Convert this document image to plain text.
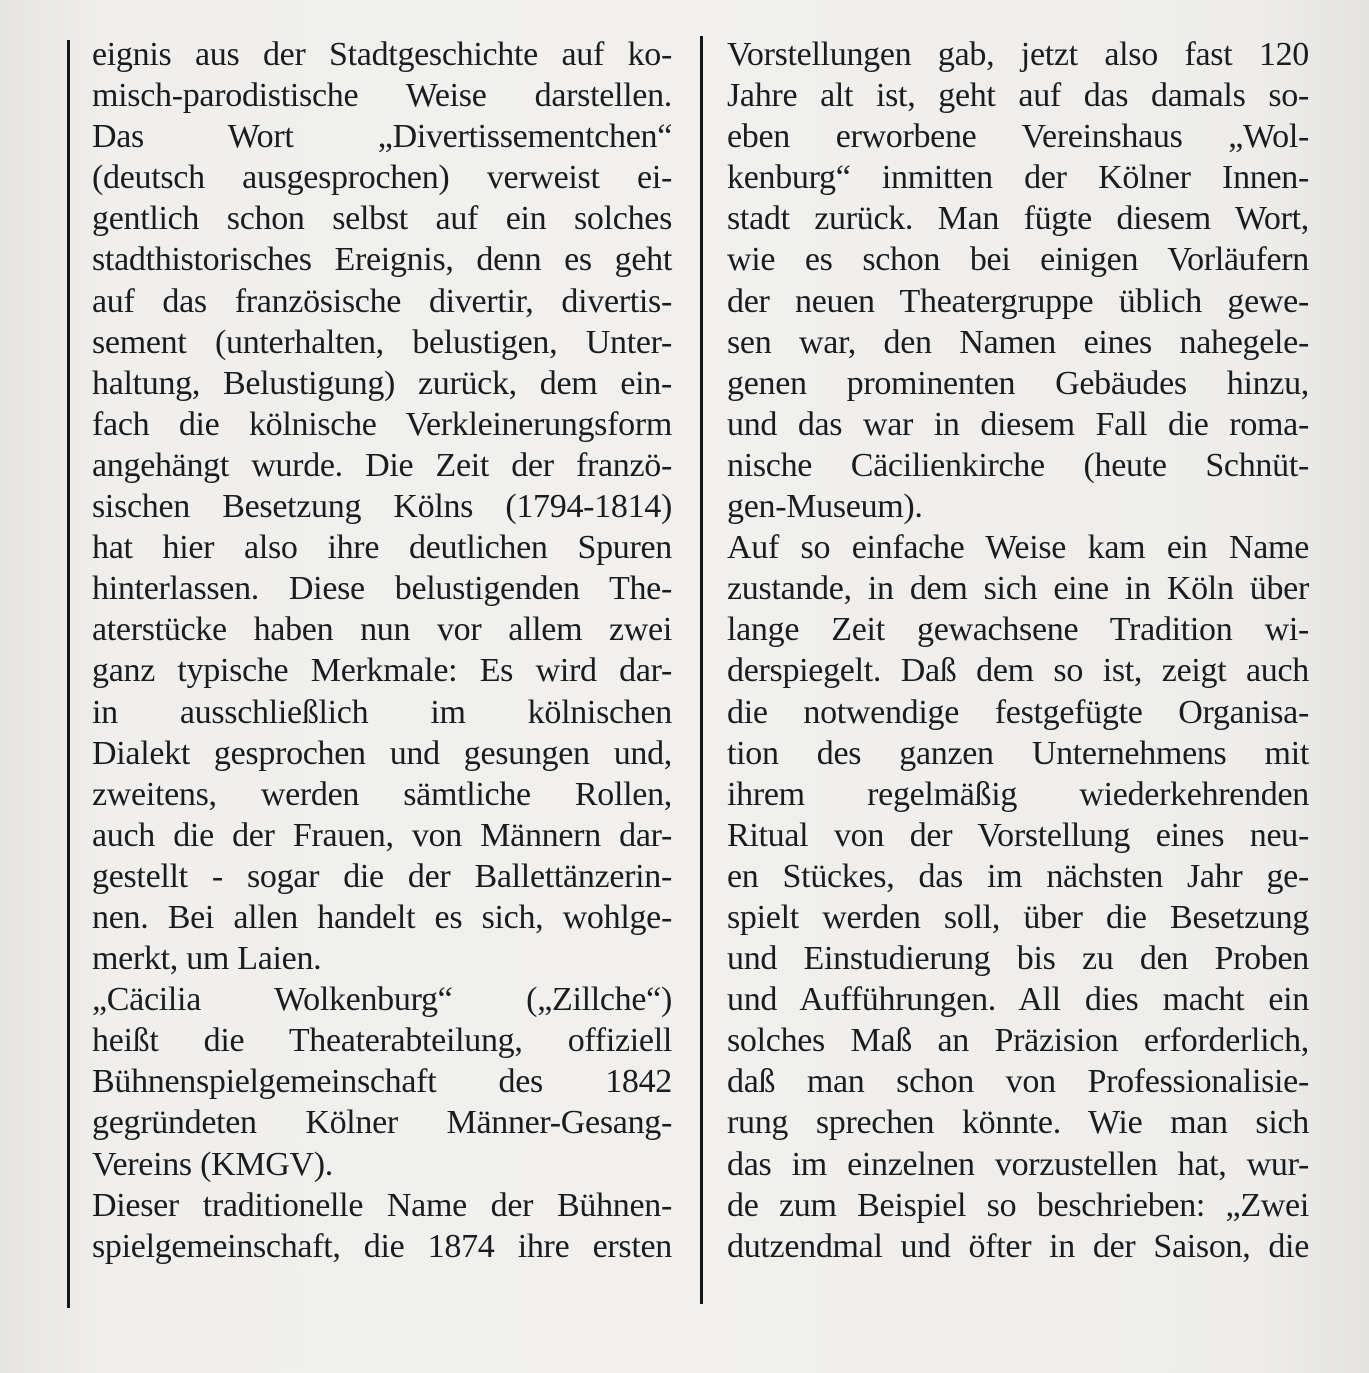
eignis aus der Stadtgeschichte auf ko-
misch-parodistische Weise darstellen.
Das Wort „Divertissementchen“
(deutsch ausgesprochen) verweist ei-
gentlich schon selbst auf ein solches
stadthistorisches Ereignis, denn es geht
auf das französische divertir, divertis-
sement (unterhalten, belustigen, Unter-
haltung, Belustigung) zurück, dem ein-
fach die kölnische Verkleinerungsform
angehängt wurde. Die Zeit der franzö-
sischen Besetzung Kölns (1794-1814)
hat hier also ihre deutlichen Spuren
hinterlassen. Diese belustigenden The-
aterstücke haben nun vor allem zwei
ganz typische Merkmale: Es wird dar-
in ausschließlich im kölnischen
Dialekt gesprochen und gesungen und,
zweitens, werden sämtliche Rollen,
auch die der Frauen, von Männern dar-
gestellt - sogar die der Ballettänzerin-
nen. Bei allen handelt es sich, wohlge-
merkt, um Laien.
„Cäcilia Wolkenburg“ („Zillche“)
heißt die Theaterabteilung, offiziell
Bühnenspielgemeinschaft des 1842
gegründeten Kölner Männer-Gesang-
Vereins (KMGV).
Dieser traditionelle Name der Bühnen-
spielgemeinschaft, die 1874 ihre ersten
Vorstellungen gab, jetzt also fast 120
Jahre alt ist, geht auf das damals so-
eben erworbene Vereinshaus „Wol-
kenburg“ inmitten der Kölner Innen-
stadt zurück. Man fügte diesem Wort,
wie es schon bei einigen Vorläufern
der neuen Theatergruppe üblich gewe-
sen war, den Namen eines nahegele-
genen prominenten Gebäudes hinzu,
und das war in diesem Fall die roma-
nische Cäcilienkirche (heute Schnüt-
gen-Museum).
Auf so einfache Weise kam ein Name
zustande, in dem sich eine in Köln über
lange Zeit gewachsene Tradition wi-
derspiegelt. Daß dem so ist, zeigt auch
die notwendige festgefügte Organisa-
tion des ganzen Unternehmens mit
ihrem regelmäßig wiederkehrenden
Ritual von der Vorstellung eines neu-
en Stückes, das im nächsten Jahr ge-
spielt werden soll, über die Besetzung
und Einstudierung bis zu den Proben
und Aufführungen. All dies macht ein
solches Maß an Präzision erforderlich,
daß man schon von Professionalisie-
rung sprechen könnte. Wie man sich
das im einzelnen vorzustellen hat, wur-
de zum Beispiel so beschrieben: „Zwei
dutzendmal und öfter in der Saison, die
